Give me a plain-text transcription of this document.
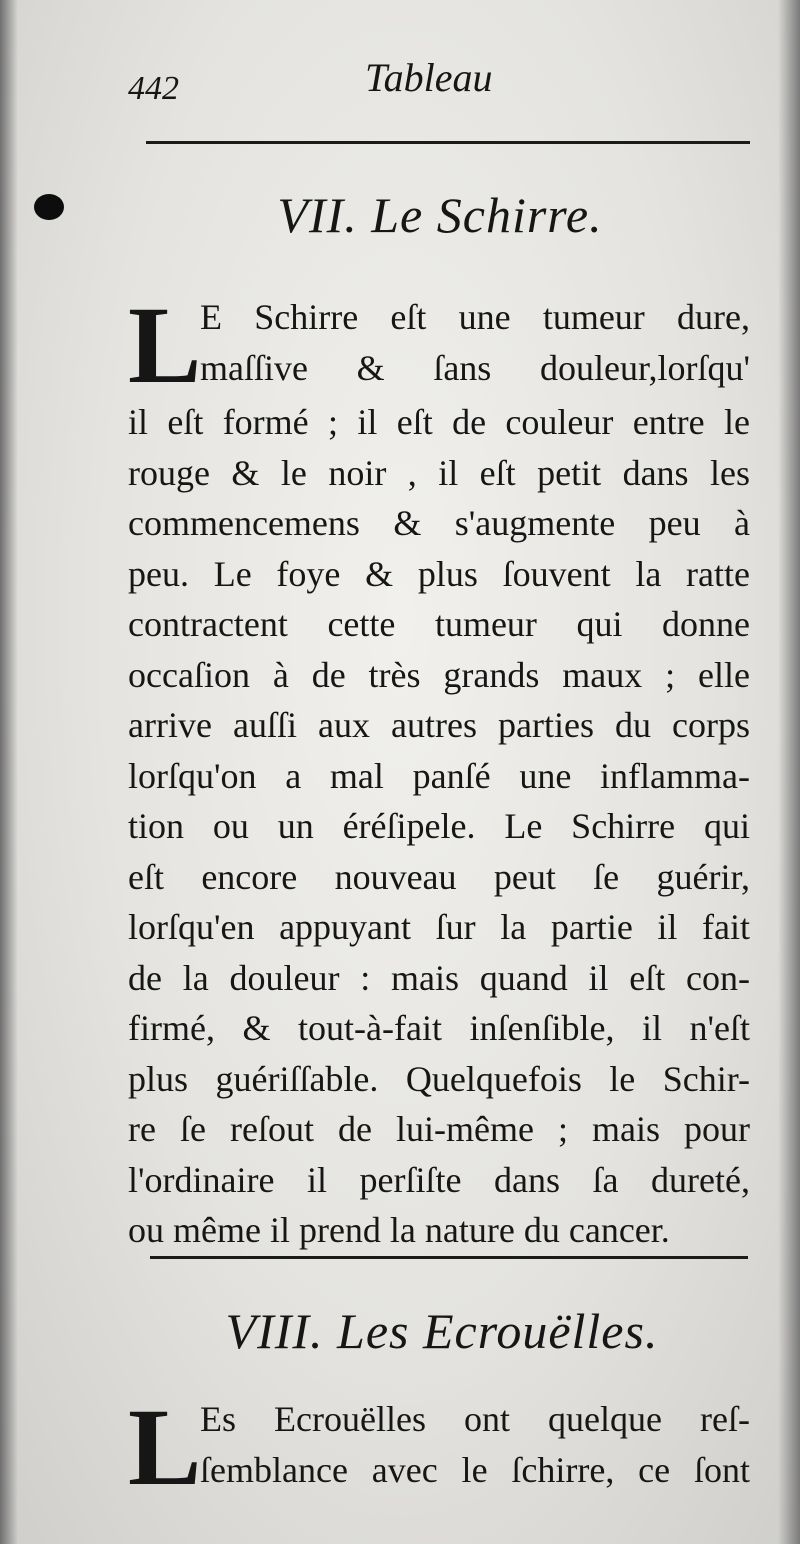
442	Tableau
VII. Le Schirre.
L
E Schirre eſt une tumeur dure,
maſſive & ſans douleur,lorſqu'
il eſt formé ; il eſt de couleur entre le
rouge & le noir , il eſt petit dans les
commencemens & s'augmente peu à
peu. Le foye & plus ſouvent la ratte
contractent cette tumeur qui donne
occaſion à de très grands maux ; elle
arrive auſſi aux autres parties du corps
lorſqu'on a mal panſé une inflamma-
tion ou un éréſipele. Le Schirre qui
eſt encore nouveau peut ſe guérir,
lorſqu'en appuyant ſur la partie il fait
de la douleur : mais quand il eſt con-
firmé, & tout-à-fait inſenſible, il n'eſt
plus guériſſable. Quelquefois le Schir-
re ſe reſout de lui-même ; mais pour
l'ordinaire il perſiſte dans ſa dureté,
ou même il prend la nature du cancer.
VIII. Les Ecrouëlles.
L
Es Ecrouëlles ont quelque reſ-
ſemblance avec le ſchirre, ce ſont
